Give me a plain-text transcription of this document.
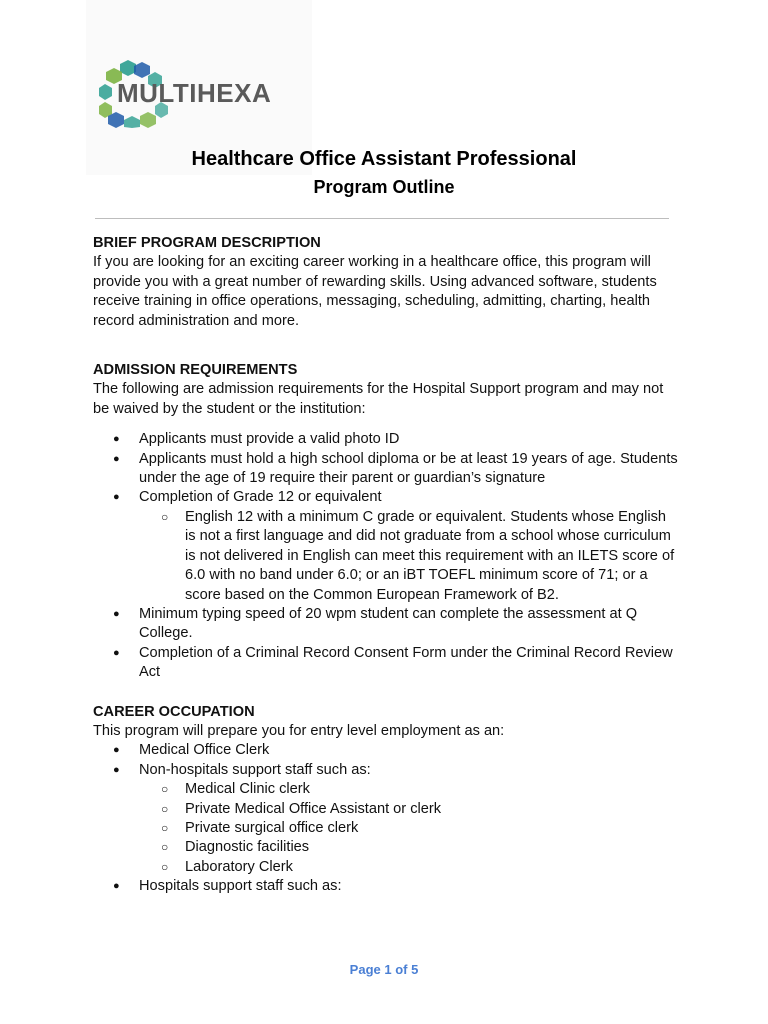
MULTIHEXA
Healthcare Office Assistant Professional
Program Outline

BRIEF PROGRAM DESCRIPTION

If you are looking for an exciting career working in a healthcare office, this program will provide you with a great number of rewarding skills. Using advanced software, students receive training in office operations, messaging, scheduling, admitting, charting, health record administration and more.

ADMISSION REQUIREMENTS

The following are admission requirements for the Hospital Support program and may not be waived by the student or the institution:

● Applicants must provide a valid photo ID
● Applicants must hold a high school diploma or be at least 19 years of age. Students under the age of 19 require their parent or guardian’s signature
● Completion of Grade 12 or equivalent
○ English 12 with a minimum C grade or equivalent. Students whose English is not a first language and did not graduate from a school whose curriculum is not delivered in English can meet this requirement with an ILETS score of 6.0 with no band under 6.0; or an iBT TOEFL minimum score of 71; or a score based on the Common European Framework of B2.
● Minimum typing speed of 20 wpm student can complete the assessment at Q College.
● Completion of a Criminal Record Consent Form under the Criminal Record Review Act

CAREER OCCUPATION

This program will prepare you for entry level employment as an:

● Medical Office Clerk
● Non-hospitals support staff such as:
○ Medical Clinic clerk
○ Private Medical Office Assistant or clerk
○ Private surgical office clerk
○ Diagnostic facilities
○ Laboratory Clerk
● Hospitals support staff such as:
Page 1 of 5
